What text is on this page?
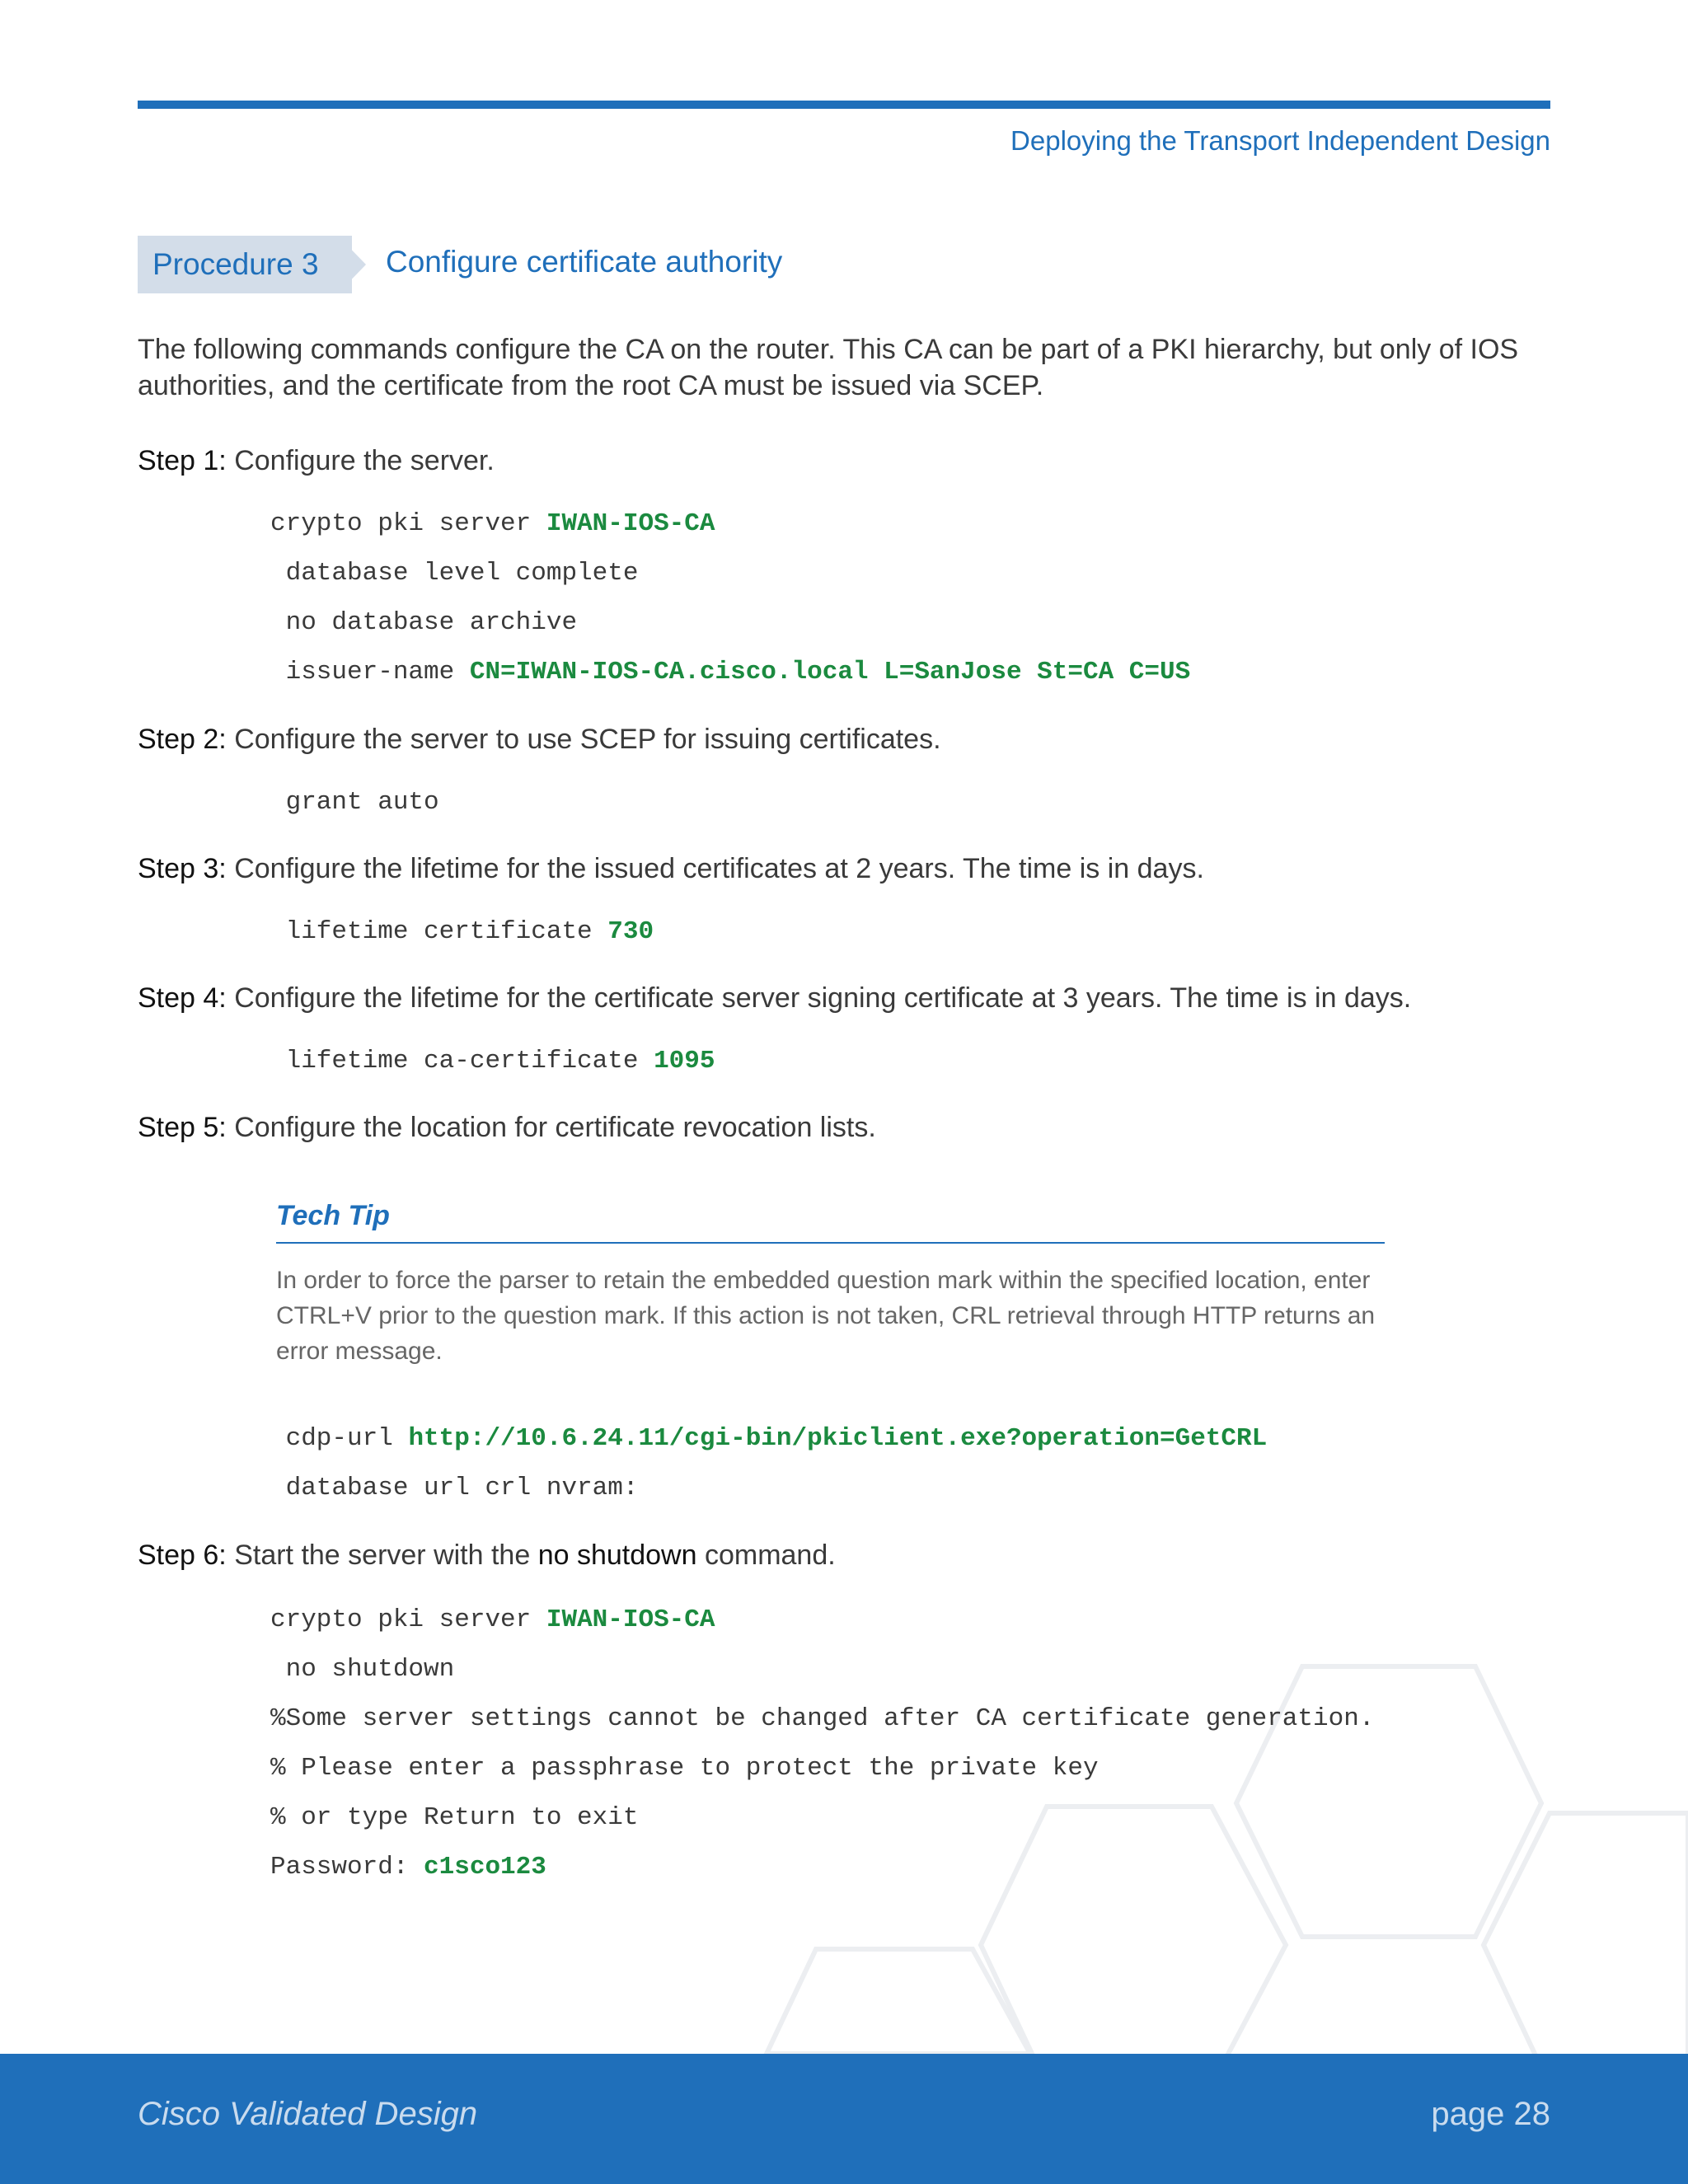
Deploying the Transport Independent Design
Procedure 3 Configure certificate authority
The following commands configure the CA on the router. This CA can be part of a PKI hierarchy, but only of IOS authorities, and the certificate from the root CA must be issued via SCEP.
Step 1: Configure the server.
crypto pki server IWAN-IOS-CA
database level complete
no database archive
issuer-name CN=IWAN-IOS-CA.cisco.local L=SanJose St=CA C=US
Step 2: Configure the server to use SCEP for issuing certificates.
grant auto
Step 3: Configure the lifetime for the issued certificates at 2 years. The time is in days.
lifetime certificate 730
Step 4: Configure the lifetime for the certificate server signing certificate at 3 years. The time is in days.
lifetime ca-certificate 1095
Step 5: Configure the location for certificate revocation lists.
Tech Tip
In order to force the parser to retain the embedded question mark within the specified location, enter CTRL+V prior to the question mark. If this action is not taken, CRL retrieval through HTTP returns an error message.
cdp-url http://10.6.24.11/cgi-bin/pkiclient.exe?operation=GetCRL
database url crl nvram:
Step 6: Start the server with the no shutdown command.
crypto pki server IWAN-IOS-CA
no shutdown
%Some server settings cannot be changed after CA certificate generation.
% Please enter a passphrase to protect the private key
% or type Return to exit
Password: c1sco123
Cisco Validated Design	page 28
